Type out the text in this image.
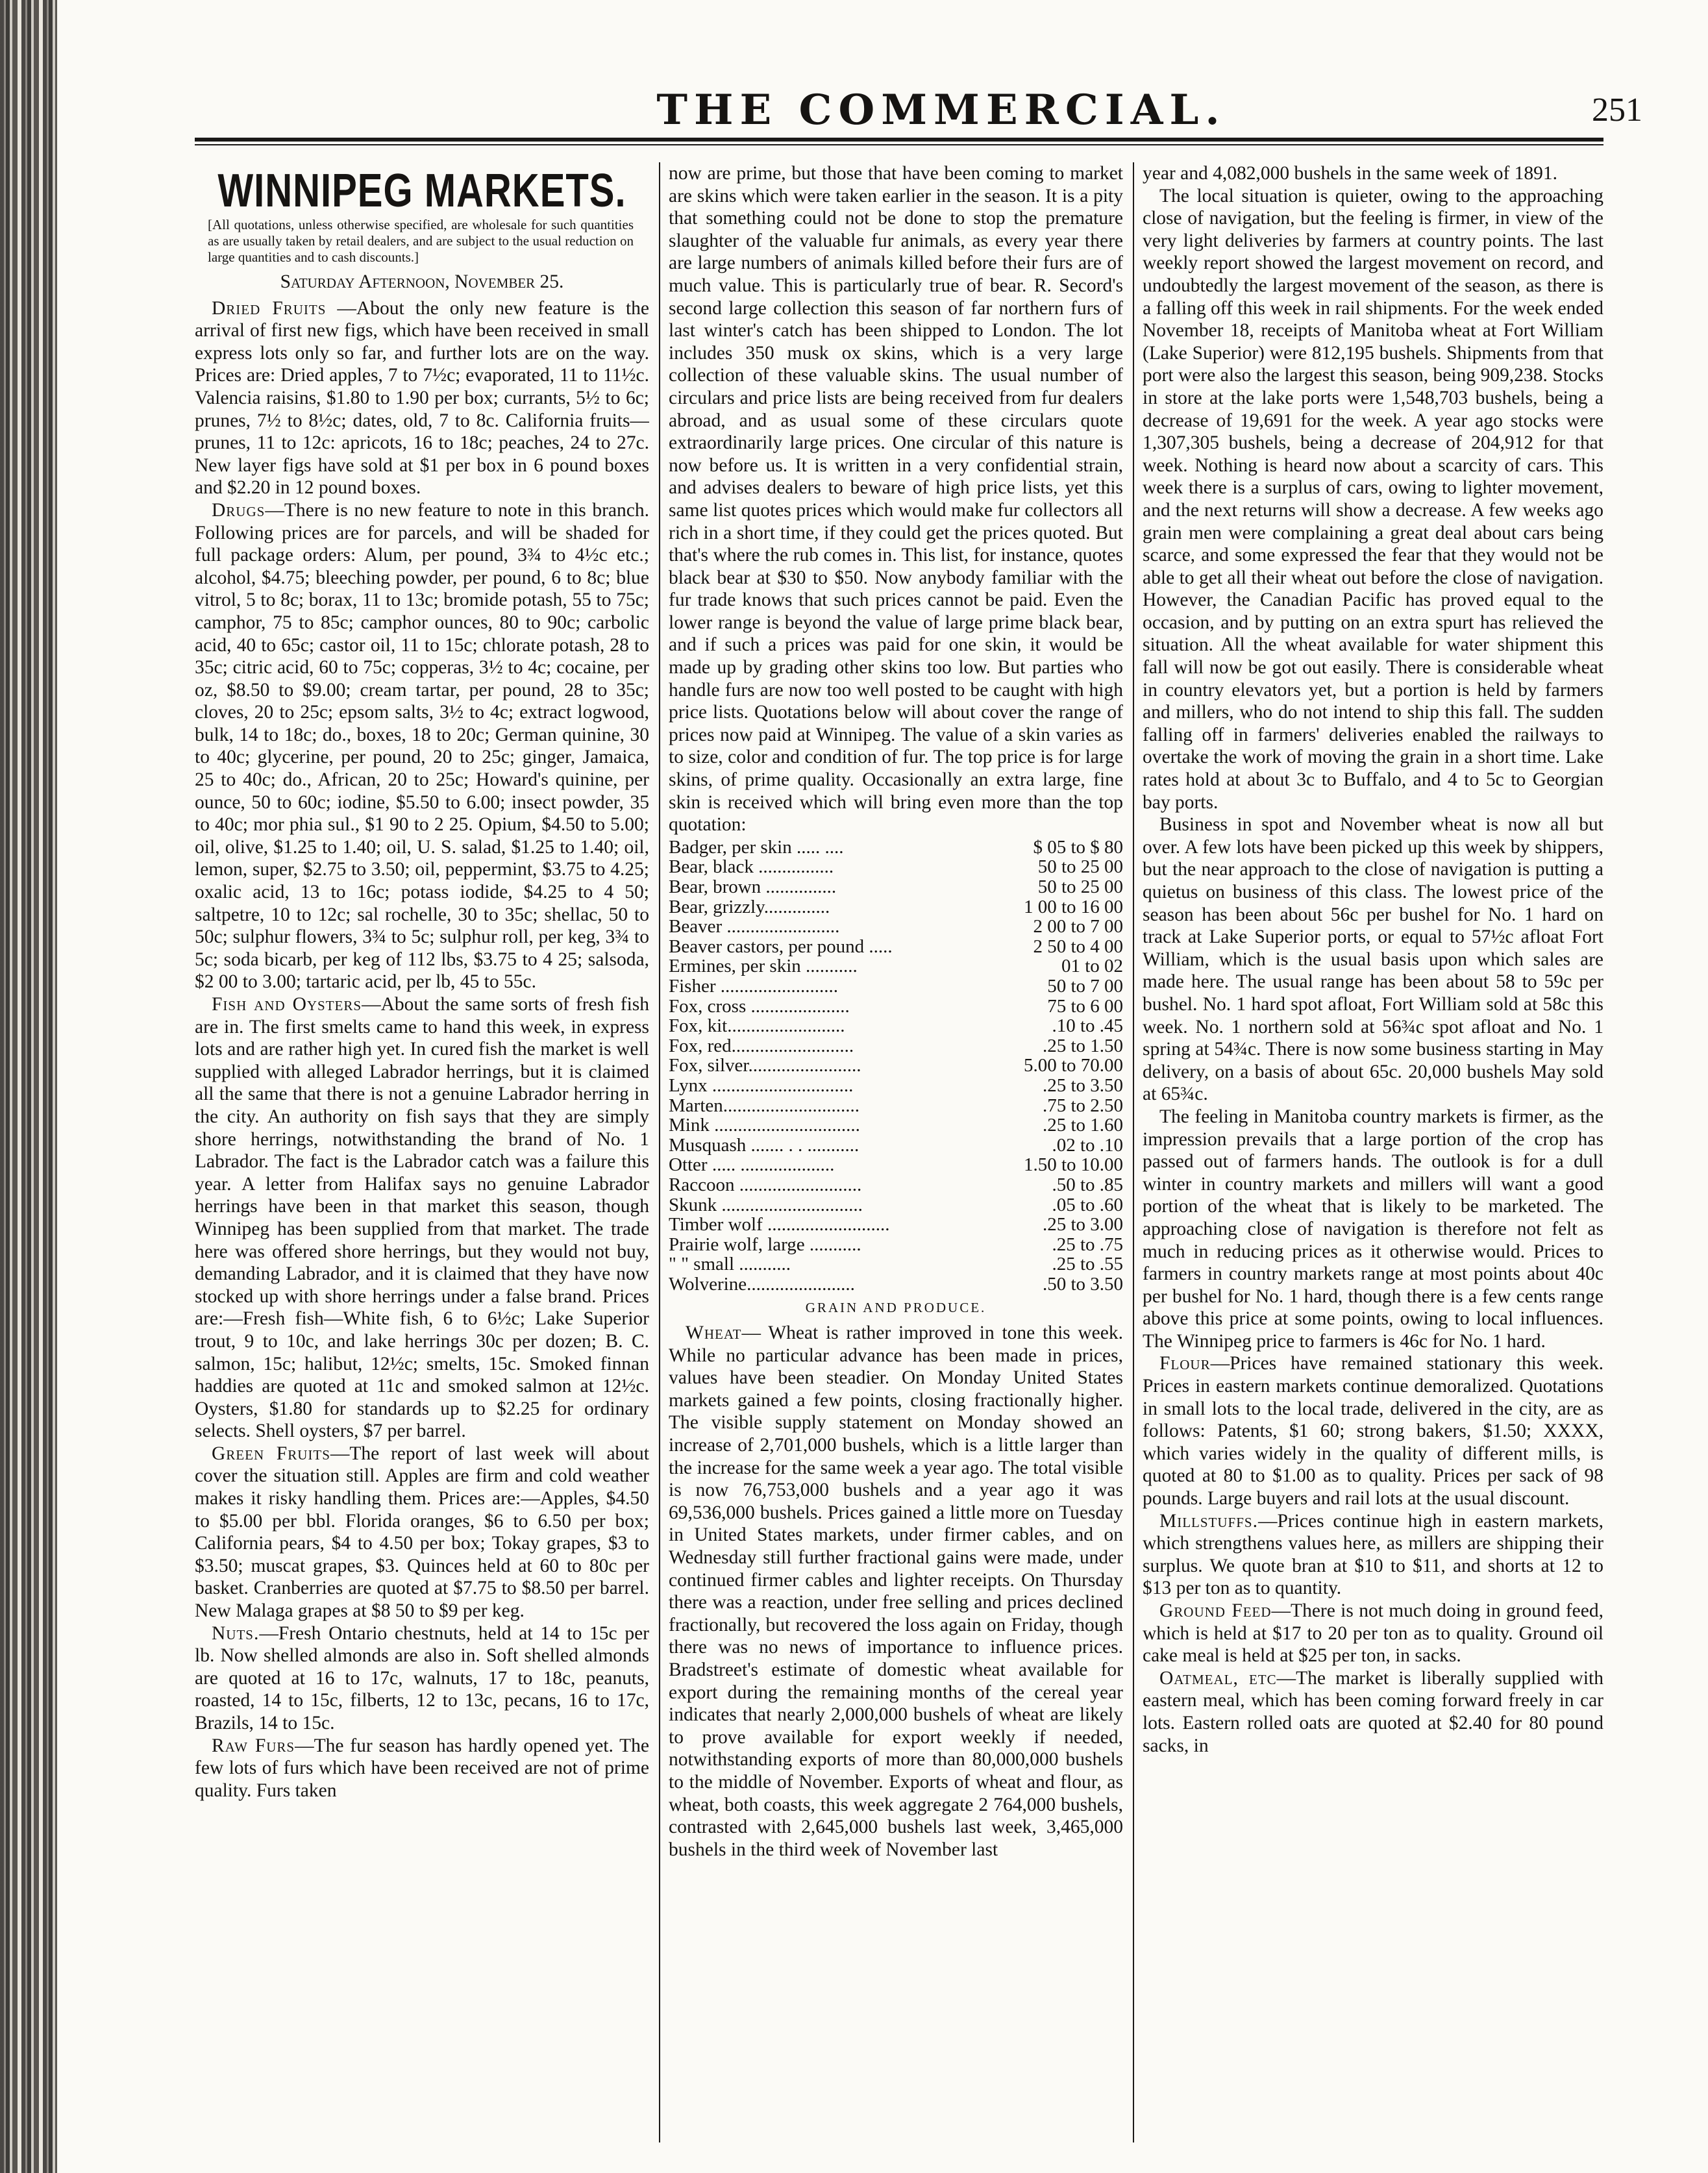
THE COMMERCIAL.	251
WINNIPEG MARKETS.
[All quotations, unless otherwise specified, are wholesale for such quantities as are usually taken by retail dealers, and are subject to the usual reduction on large quantities and to cash discounts.]
Saturday Afternoon, November 25.

Dried Fruits —About the only new feature is the arrival of first new figs, which have been received in small express lots only so far, and further lots are on the way. Prices are: Dried apples, 7 to 7½c; evaporated, 11 to 11½c. Valencia raisins, $1.80 to 1.90 per box; currants, 5½ to 6c; prunes, 7½ to 8½c; dates, old, 7 to 8c. California fruits—prunes, 11 to 12c: apricots, 16 to 18c; peaches, 24 to 27c. New layer figs have sold at $1 per box in 6 pound boxes and $2.20 in 12 pound boxes.

Drugs—There is no new feature to note in this branch. Following prices are for parcels, and will be shaded for full package orders: Alum, per pound, 3¾ to 4½c etc.; alcohol, $4.75; bleeching powder, per pound, 6 to 8c; blue vitrol, 5 to 8c; borax, 11 to 13c; bromide potash, 55 to 75c; camphor, 75 to 85c; camphor ounces, 80 to 90c; carbolic acid, 40 to 65c; castor oil, 11 to 15c; chlorate potash, 28 to 35c; citric acid, 60 to 75c; copperas, 3½ to 4c; cocaine, per oz, $8.50 to $9.00; cream tartar, per pound, 28 to 35c; cloves, 20 to 25c; epsom salts, 3½ to 4c; extract logwood, bulk, 14 to 18c; do., boxes, 18 to 20c; German quinine, 30 to 40c; glycerine, per pound, 20 to 25c; ginger, Jamaica, 25 to 40c; do., African, 20 to 25c; Howard's quinine, per ounce, 50 to 60c; iodine, $5.50 to 6.00; insect powder, 35 to 40c; mor phia sul., $1 90 to 2 25. Opium, $4.50 to 5.00; oil, olive, $1.25 to 1.40; oil, U. S. salad, $1.25 to 1.40; oil, lemon, super, $2.75 to 3.50; oil, peppermint, $3.75 to 4.25; oxalic acid, 13 to 16c; potass iodide, $4.25 to 4 50; saltpetre, 10 to 12c; sal rochelle, 30 to 35c; shellac, 50 to 50c; sulphur flowers, 3¾ to 5c; sulphur roll, per keg, 3¾ to 5c; soda bicarb, per keg of 112 lbs, $3.75 to 4 25; salsoda, $2 00 to 3.00; tartaric acid, per lb, 45 to 55c.

Fish and Oysters—About the same sorts of fresh fish are in. The first smelts came to hand this week, in express lots and are rather high yet. In cured fish the market is well supplied with alleged Labrador herrings, but it is claimed all the same that there is not a genuine Labrador herring in the city. An authority on fish says that they are simply shore herrings, notwithstanding the brand of No. 1 Labrador. The fact is the Labrador catch was a failure this year. A letter from Halifax says no genuine Labrador herrings have been in that market this season, though Winnipeg has been supplied from that market. The trade here was offered shore herrings, but they would not buy, demanding Labrador, and it is claimed that they have now stocked up with shore herrings under a false brand. Prices are:—Fresh fish—White fish, 6 to 6½c; Lake Superior trout, 9 to 10c, and lake herrings 30c per dozen; B. C. salmon, 15c; halibut, 12½c; smelts, 15c. Smoked finnan haddies are quoted at 11c and smoked salmon at 12½c. Oysters, $1.80 for standards up to $2.25 for ordinary selects. Shell oysters, $7 per barrel.

Green Fruits—The report of last week will about cover the situation still. Apples are firm and cold weather makes it risky handling them. Prices are:—Apples, $4.50 to $5.00 per bbl. Florida oranges, $6 to 6.50 per box; California pears, $4 to 4.50 per box; Tokay grapes, $3 to $3.50; muscat grapes, $3. Quinces held at 60 to 80c per basket. Cranberries are quoted at $7.75 to $8.50 per barrel. New Malaga grapes at $8 50 to $9 per keg.

Nuts.—Fresh Ontario chestnuts, held at 14 to 15c per lb. Now shelled almonds are also in. Soft shelled almonds are quoted at 16 to 17c, walnuts, 17 to 18c, peanuts, roasted, 14 to 15c, filberts, 12 to 13c, pecans, 16 to 17c, Brazils, 14 to 15c.

Raw Furs—The fur season has hardly opened yet. The few lots of furs which have been received are not of prime quality. Furs taken

now are prime, but those that have been coming to market are skins which were taken earlier in the season. It is a pity that something could not be done to stop the premature slaughter of the valuable fur animals, as every year there are large numbers of animals killed before their furs are of much value. This is particularly true of bear. R. Secord's second large collection this season of far northern furs of last winter's catch has been shipped to London. The lot includes 350 musk ox skins, which is a very large collection of these valuable skins. The usual number of circulars and price lists are being received from fur dealers abroad, and as usual some of these circulars quote extraordinarily large prices. One circular of this nature is now before us. It is written in a very confidential strain, and advises dealers to beware of high price lists, yet this same list quotes prices which would make fur collectors all rich in a short time, if they could get the prices quoted. But that's where the rub comes in. This list, for instance, quotes black bear at $30 to $50. Now anybody familiar with the fur trade knows that such prices cannot be paid. Even the lower range is beyond the value of large prime black bear, and if such a prices was paid for one skin, it would be made up by grading other skins too low. But parties who handle furs are now too well posted to be caught with high price lists. Quotations below will about cover the range of prices now paid at Winnipeg. The value of a skin varies as to size, color and condition of fur. The top price is for large skins, of prime quality. Occasionally an extra large, fine skin is received which will bring even more than the top quotation:

Badger, per skin ..... ....	$ 05 to $ 80
Bear, black ................	50 to 25 00
Bear, brown ...............	50 to 25 00
Bear, grizzly..............	1 00 to 16 00
Beaver ........................	2 00 to 7 00
Beaver castors, per pound .....	2 50 to 4 00
Ermines, per skin ...........	01 to 02
Fisher .........................	50 to 7 00
Fox, cross .....................	75 to 6 00
Fox, kit.........................	.10 to .45
Fox, red..........................	.25 to 1.50
Fox, silver........................	5.00 to 70.00
Lynx ..............................	.25 to 3.50
Marten.............................	.75 to 2.50
Mink ...............................	.25 to 1.60
Musquash ....... . . ...........	.02 to .10
Otter ..... ....................	1.50 to 10.00
Raccoon ..........................	.50 to .85
Skunk ..............................	.05 to .60
Timber wolf ..........................	.25 to 3.00
Prairie wolf, large ...........	.25 to .75
" " small ...........	.25 to .55
Wolverine.......................	.50 to 3.50
GRAIN AND PRODUCE.

Wheat— Wheat is rather improved in tone this week. While no particular advance has been made in prices, values have been steadier. On Monday United States markets gained a few points, closing fractionally higher. The visible supply statement on Monday showed an increase of 2,701,000 bushels, which is a little larger than the increase for the same week a year ago. The total visible is now 76,753,000 bushels and a year ago it was 69,536,000 bushels. Prices gained a little more on Tuesday in United States markets, under firmer cables, and on Wednesday still further fractional gains were made, under continued firmer cables and lighter receipts. On Thursday there was a reaction, under free selling and prices declined fractionally, but recovered the loss again on Friday, though there was no news of importance to influence prices. Bradstreet's estimate of domestic wheat available for export during the remaining months of the cereal year indicates that nearly 2,000,000 bushels of wheat are likely to prove available for export weekly if needed, notwithstanding exports of more than 80,000,000 bushels to the middle of November. Exports of wheat and flour, as wheat, both coasts, this week aggregate 2 764,000 bushels, contrasted with 2,645,000 bushels last week, 3,465,000 bushels in the third week of November last

year and 4,082,000 bushels in the same week of 1891.

The local situation is quieter, owing to the approaching close of navigation, but the feeling is firmer, in view of the very light deliveries by farmers at country points. The last weekly report showed the largest movement on record, and undoubtedly the largest movement of the season, as there is a falling off this week in rail shipments. For the week ended November 18, receipts of Manitoba wheat at Fort William (Lake Superior) were 812,195 bushels. Shipments from that port were also the largest this season, being 909,238. Stocks in store at the lake ports were 1,548,703 bushels, being a decrease of 19,691 for the week. A year ago stocks were 1,307,305 bushels, being a decrease of 204,912 for that week. Nothing is heard now about a scarcity of cars. This week there is a surplus of cars, owing to lighter movement, and the next returns will show a decrease. A few weeks ago grain men were complaining a great deal about cars being scarce, and some expressed the fear that they would not be able to get all their wheat out before the close of navigation. However, the Canadian Pacific has proved equal to the occasion, and by putting on an extra spurt has relieved the situation. All the wheat available for water shipment this fall will now be got out easily. There is considerable wheat in country elevators yet, but a portion is held by farmers and millers, who do not intend to ship this fall. The sudden falling off in farmers' deliveries enabled the railways to overtake the work of moving the grain in a short time. Lake rates hold at about 3c to Buffalo, and 4 to 5c to Georgian bay ports.

Business in spot and November wheat is now all but over. A few lots have been picked up this week by shippers, but the near approach to the close of navigation is putting a quietus on business of this class. The lowest price of the season has been about 56c per bushel for No. 1 hard on track at Lake Superior ports, or equal to 57½c afloat Fort William, which is the usual basis upon which sales are made here. The usual range has been about 58 to 59c per bushel. No. 1 hard spot afloat, Fort William sold at 58c this week. No. 1 northern sold at 56¾c spot afloat and No. 1 spring at 54¾c. There is now some business starting in May delivery, on a basis of about 65c. 20,000 bushels May sold at 65¾c.

The feeling in Manitoba country markets is firmer, as the impression prevails that a large portion of the crop has passed out of farmers hands. The outlook is for a dull winter in country markets and millers will want a good portion of the wheat that is likely to be marketed. The approaching close of navigation is therefore not felt as much in reducing prices as it otherwise would. Prices to farmers in country markets range at most points about 40c per bushel for No. 1 hard, though there is a few cents range above this price at some points, owing to local influences. The Winnipeg price to farmers is 46c for No. 1 hard.

Flour—Prices have remained stationary this week. Prices in eastern markets continue demoralized. Quotations in small lots to the local trade, delivered in the city, are as follows: Patents, $1 60; strong bakers, $1.50; XXXX, which varies widely in the quality of different mills, is quoted at 80 to $1.00 as to quality. Prices per sack of 98 pounds. Large buyers and rail lots at the usual discount.

Millstuffs.—Prices continue high in eastern markets, which strengthens values here, as millers are shipping their surplus. We quote bran at $10 to $11, and shorts at 12 to $13 per ton as to quantity.

Ground Feed—There is not much doing in ground feed, which is held at $17 to 20 per ton as to quality. Ground oil cake meal is held at $25 per ton, in sacks.

Oatmeal, etc—The market is liberally supplied with eastern meal, which has been coming forward freely in car lots. Eastern rolled oats are quoted at $2.40 for 80 pound sacks, in
